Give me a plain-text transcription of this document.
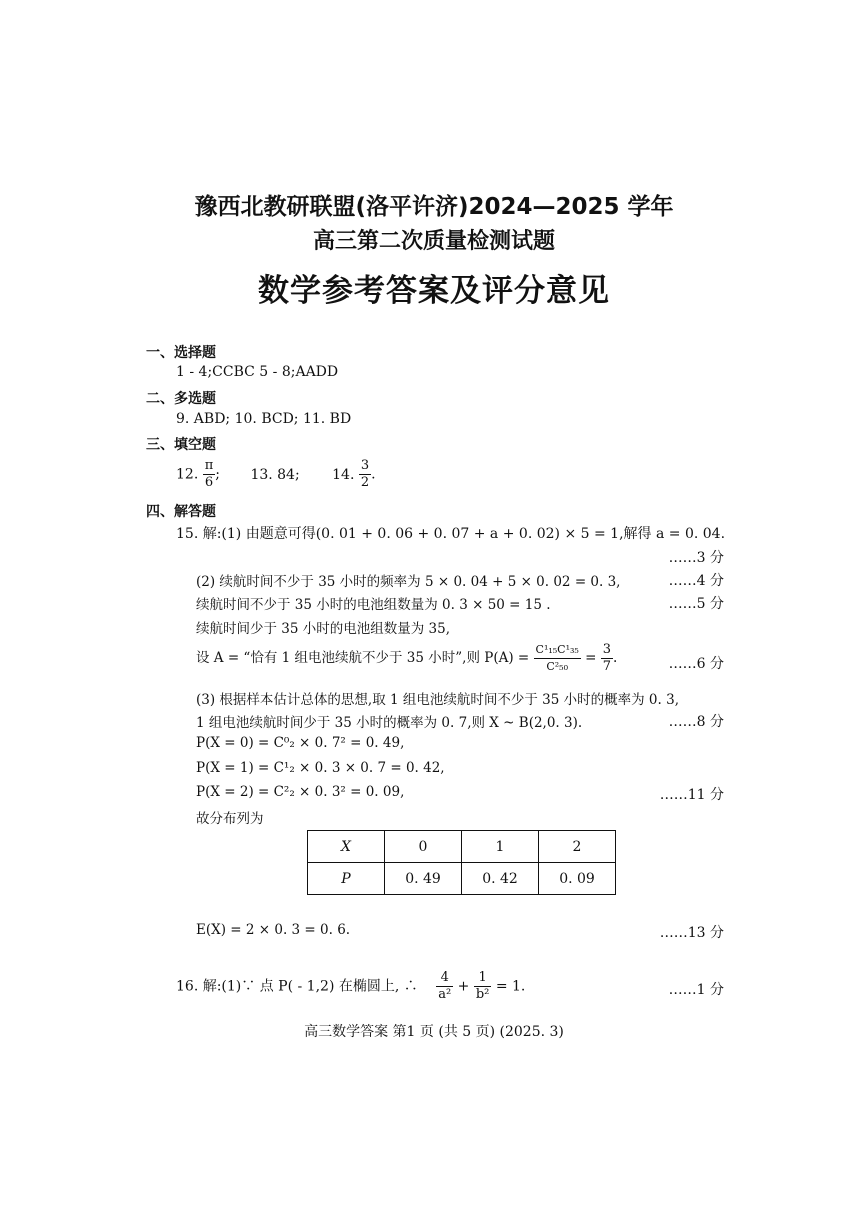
豫西北教研联盟(洛平许济)2024—2025 学年
高三第二次质量检测试题
数学参考答案及评分意见
一、选择题
1 - 4;CCBC 5 - 8;AADD
二、多选题
9. ABD; 10. BCD; 11. BD
三、填空题
12. $\frac{\pi}{6}$ ; 13. 84; 14. $\frac{3}{2}$ .
四、解答题
15. 解:(1) 由题意可得(0. 01 + 0. 06 + 0. 07 + a + 0. 02) × 5 = 1,解得 a = 0. 04.
……3 分
(2) 续航时间不少于 35 小时的频率为 5 × 0. 04 + 5 × 0. 02 = 0. 3,	……4 分
续航时间不少于 35 小时的电池组数量为 0. 3 × 50 = 15 .	……5 分
续航时间少于 35 小时的电池组数量为 35,
设 A = “恰有 1 组电池续航不少于 35 小时”,则 $P(A) = \frac{\text{C¹₁₅C¹₃₅}}{\text{C²₅₀}} = \frac{3}{7}$ .	……6 分
(3) 根据样本估计总体的思想,取 1 组电池续航时间不少于 35 小时的概率为 0. 3,
1 组电池续航时间少于 35 小时的概率为 0. 7,则 X ~ B(2,0. 3).	……8 分
P(X = 0) = C⁰₂ × 0. 7² = 0. 49,
P(X = 1) = C¹₂ × 0. 3 × 0. 7 = 0. 42,
P(X = 2) = C²₂ × 0. 3² = 0. 09,	……11 分
故分布列为
X	0	1	2
P	0. 49	0. 42	0. 09
E(X) = 2 × 0. 3 = 0. 6.	……13 分
16. 解:(1)∵ 点 P( - 1,2) 在椭圆上, ∴ $\frac{4}{\text{a²}} + \frac{1}{\text{b²}} = 1$.	……1 分
高三数学答案 第1 页 (共 5 页) (2025. 3)
